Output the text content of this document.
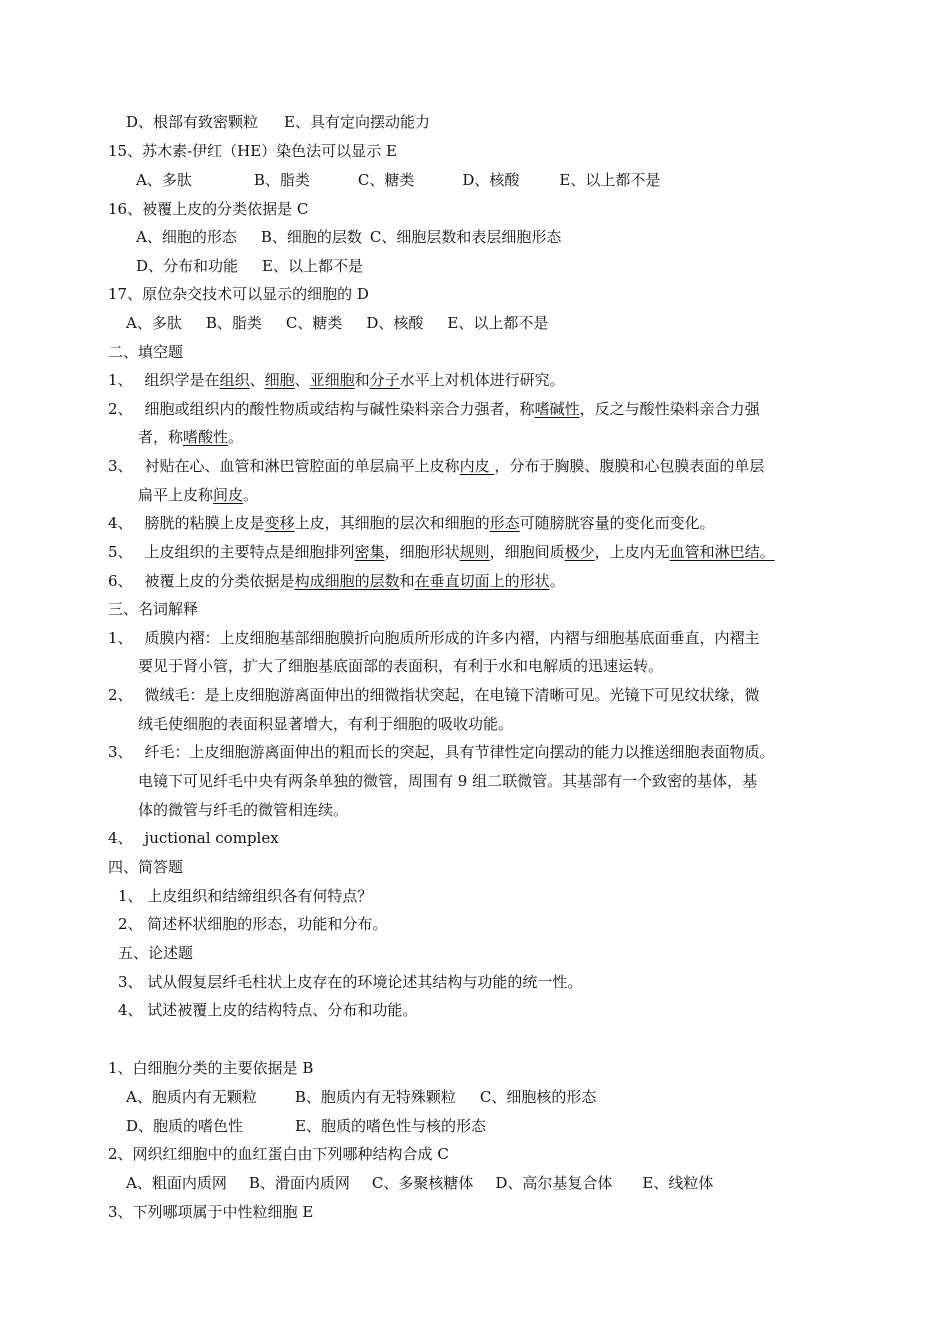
D、根部有致密颗粒 E、具有定向摆动能力
15、苏木素-伊红（HE）染色法可以显示 E
A、多肽	B、脂类	C、糖类	D、核酸	E、以上都不是
16、被覆上皮的分类依据是 C
A、细胞的形态 B、细胞的层数 C、细胞层数和表层细胞形态
D、分布和功能 E、以上都不是
17、原位杂交技术可以显示的细胞的 D
A、多肽 B、脂类 C、糖类 D、核酸 E、以上都不是
二、填空题
1、 组织学是在组织、细胞、亚细胞和分子水平上对机体进行研究。
2、 细胞或组织内的酸性物质或结构与碱性染料亲合力强者，称嗜碱性，反之与酸性染料亲合力强
者，称嗜酸性。
3、 衬贴在心、血管和淋巴管腔面的单层扁平上皮称内皮 ，分布于胸膜、腹膜和心包膜表面的单层
扁平上皮称间皮。
4、 膀胱的粘膜上皮是变移上皮，其细胞的层次和细胞的形态可随膀胱容量的变化而变化。
5、 上皮组织的主要特点是细胞排列密集，细胞形状规则，细胞间质极少，上皮内无血管和淋巴结。
6、 被覆上皮的分类依据是构成细胞的层数和在垂直切面上的形状。
三、名词解释
1、 质膜内褶：上皮细胞基部细胞膜折向胞质所形成的许多内褶，内褶与细胞基底面垂直，内褶主
要见于肾小管，扩大了细胞基底面部的表面积，有利于水和电解质的迅速运转。
2、 微绒毛：是上皮细胞游离面伸出的细微指状突起，在电镜下清晰可见。光镜下可见纹状缘，微
绒毛使细胞的表面积显著增大，有利于细胞的吸收功能。
3、 纤毛：上皮细胞游离面伸出的粗而长的突起，具有节律性定向摆动的能力以推送细胞表面物质。
电镜下可见纤毛中央有两条单独的微管，周围有 9 组二联微管。其基部有一个致密的基体，基
体的微管与纤毛的微管相连续。
4、 juctional complex
四、简答题
1、 上皮组织和结缔组织各有何特点？
2、 简述杯状细胞的形态，功能和分布。
五、论述题
3、 试从假复层纤毛柱状上皮存在的环境论述其结构与功能的统一性。
4、 试述被覆上皮的结构特点、分布和功能。
1、白细胞分类的主要依据是 B
A、胞质内有无颗粒	B、胞质内有无特殊颗粒 C、细胞核的形态
D、胞质的嗜色性	E、胞质的嗜色性与核的形态
2、网织红细胞中的血红蛋白由下列哪种结构合成 C
A、粗面内质网 B、滑面内质网 C、多聚核糖体 D、高尔基复合体 E、线粒体
3、下列哪项属于中性粒细胞 E
